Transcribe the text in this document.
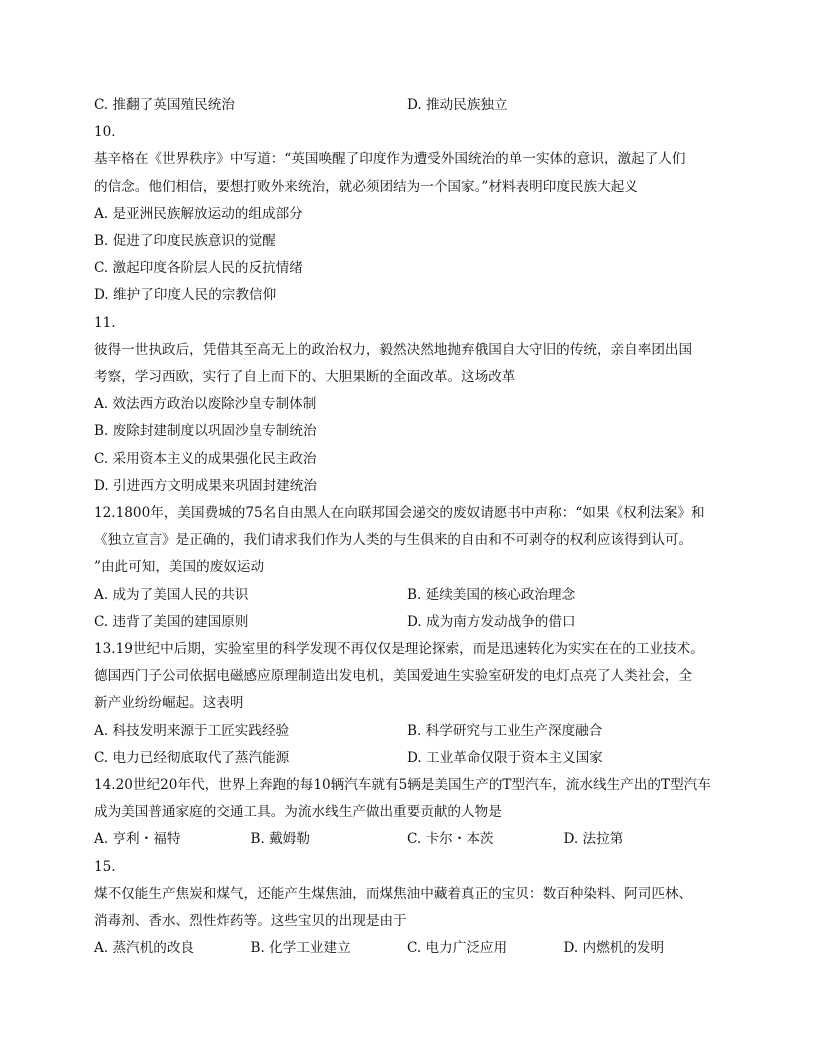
C. 推翻了英国殖民统治	D. 推动民族独立
10.
基辛格在《世界秩序》中写道：“英国唤醒了印度作为遭受外国统治的单一实体的意识，激起了人们
的信念。他们相信，要想打败外来统治，就必须团结为一个国家。”材料表明印度民族大起义
A. 是亚洲民族解放运动的组成部分
B. 促进了印度民族意识的觉醒
C. 激起印度各阶层人民的反抗情绪
D. 维护了印度人民的宗教信仰
11.
彼得一世执政后，凭借其至高无上的政治权力，毅然决然地抛弃俄国自大守旧的传统，亲自率团出国
考察，学习西欧，实行了自上而下的、大胆果断的全面改革。这场改革
A. 效法西方政治以废除沙皇专制体制
B. 废除封建制度以巩固沙皇专制统治
C. 采用资本主义的成果强化民主政治
D. 引进西方文明成果来巩固封建统治
12.1800年，美国费城的75名自由黑人在向联邦国会递交的废奴请愿书中声称：“如果《权利法案》和
《独立宣言》是正确的，我们请求我们作为人类的与生俱来的自由和不可剥夺的权利应该得到认可。
”由此可知，美国的废奴运动
A. 成为了美国人民的共识	B. 延续美国的核心政治理念
C. 违背了美国的建国原则	D. 成为南方发动战争的借口
13.19世纪中后期，实验室里的科学发现不再仅仅是理论探索，而是迅速转化为实实在在的工业技术。
德国西门子公司依据电磁感应原理制造出发电机，美国爱迪生实验室研发的电灯点亮了人类社会，全
新产业纷纷崛起。这表明
A. 科技发明来源于工匠实践经验	B. 科学研究与工业生产深度融合
C. 电力已经彻底取代了蒸汽能源	D. 工业革命仅限于资本主义国家
14.20世纪20年代，世界上奔跑的每10辆汽车就有5辆是美国生产的T型汽车，流水线生产出的T型汽车
成为美国普通家庭的交通工具。为流水线生产做出重要贡献的人物是
A. 亨利・福特	B. 戴姆勒	C. 卡尔・本茨	D. 法拉第
15.
煤不仅能生产焦炭和煤气，还能产生煤焦油，而煤焦油中藏着真正的宝贝：数百种染料、阿司匹林、
消毒剂、香水、烈性炸药等。这些宝贝的出现是由于
A. 蒸汽机的改良	B. 化学工业建立	C. 电力广泛应用	D. 内燃机的发明
